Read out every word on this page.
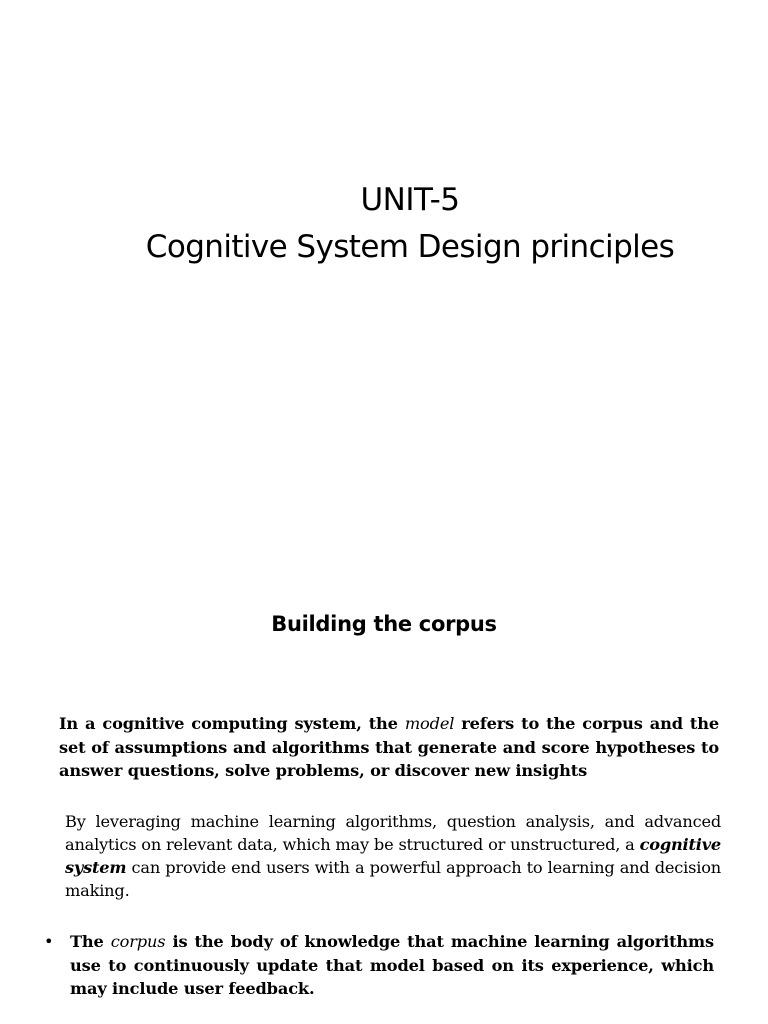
UNIT-5
Cognitive System Design principles
Building the corpus
In a cognitive computing system, the model refers to the corpus and the set of assumptions and algorithms that generate and score hypotheses to answer questions, solve problems, or discover new insights
By leveraging machine learning algorithms, question analysis, and advanced analytics on relevant data, which may be structured or unstructured, a cognitive system can provide end users with a powerful approach to learning and decision making.
•	The corpus is the body of knowledge that machine learning algorithms use to continuously update that model based on its experience, which may include user feedback.
